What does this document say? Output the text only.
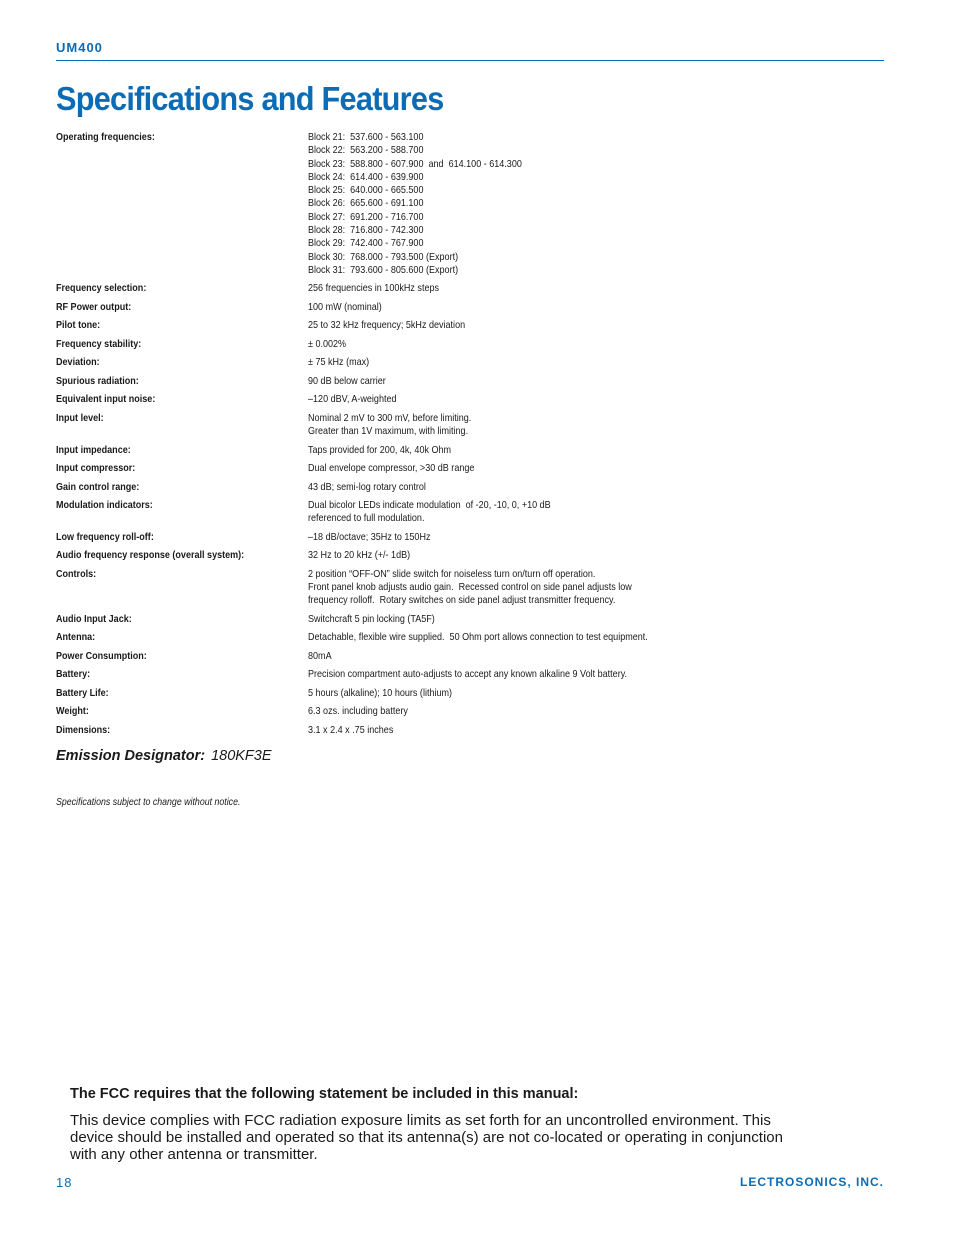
UM400
Specifications and Features
Operating frequencies:	Block 21:  537.600 - 563.100
Block 22:  563.200 - 588.700
Block 23:  588.800 - 607.900  and  614.100 - 614.300
Block 24:  614.400 - 639.900
Block 25:  640.000 - 665.500
Block 26:  665.600 - 691.100
Block 27:  691.200 - 716.700
Block 28:  716.800 - 742.300
Block 29:  742.400 - 767.900
Block 30:  768.000 - 793.500 (Export)
Block 31:  793.600 - 805.600 (Export)
Frequency selection:	256 frequencies in 100kHz steps
RF Power output:	100 mW (nominal)
Pilot tone:	25 to 32 kHz frequency; 5kHz deviation
Frequency stability:	± 0.002%
Deviation:	± 75 kHz (max)
Spurious radiation:	90 dB below carrier
Equivalent input noise:	–120 dBV, A-weighted
Input level:	Nominal 2 mV to 300 mV, before limiting.
Greater than 1V maximum, with limiting.
Input impedance:	Taps provided for 200, 4k, 40k Ohm
Input compressor:	Dual envelope compressor, >30 dB range
Gain control range:	43 dB; semi-log rotary control
Modulation indicators:	Dual bicolor LEDs indicate modulation  of -20, -10, 0, +10 dB
referenced to full modulation.
Low frequency roll-off:	–18 dB/octave; 35Hz to 150Hz
Audio frequency response (overall system):	32 Hz to 20 kHz (+/- 1dB)
Controls:	2 position “OFF-ON” slide switch for noiseless turn on/turn off operation.
Front panel knob adjusts audio gain.  Recessed control on side panel adjusts low
frequency rolloff.  Rotary switches on side panel adjust transmitter frequency.
Audio Input Jack:	Switchcraft 5 pin locking (TA5F)
Antenna:	Detachable, flexible wire supplied.  50 Ohm port allows connection to test equipment.
Power Consumption:	80mA
Battery:	Precision compartment auto-adjusts to accept any known alkaline 9 Volt battery.
Battery Life:	5 hours (alkaline); 10 hours (lithium)
Weight:	6.3 ozs. including battery
Dimensions:	3.1 x 2.4 x .75 inches
Emission Designator: 180KF3E
Specifications subject to change without notice.

The FCC requires that the following statement be included in this manual:

This device complies with FCC radiation exposure limits as set forth for an uncontrolled environment. This device should be installed and operated so that its antenna(s) are not co-located or operating in conjunction with any other antenna or transmitter.

18	LECTROSONICS, INC.
